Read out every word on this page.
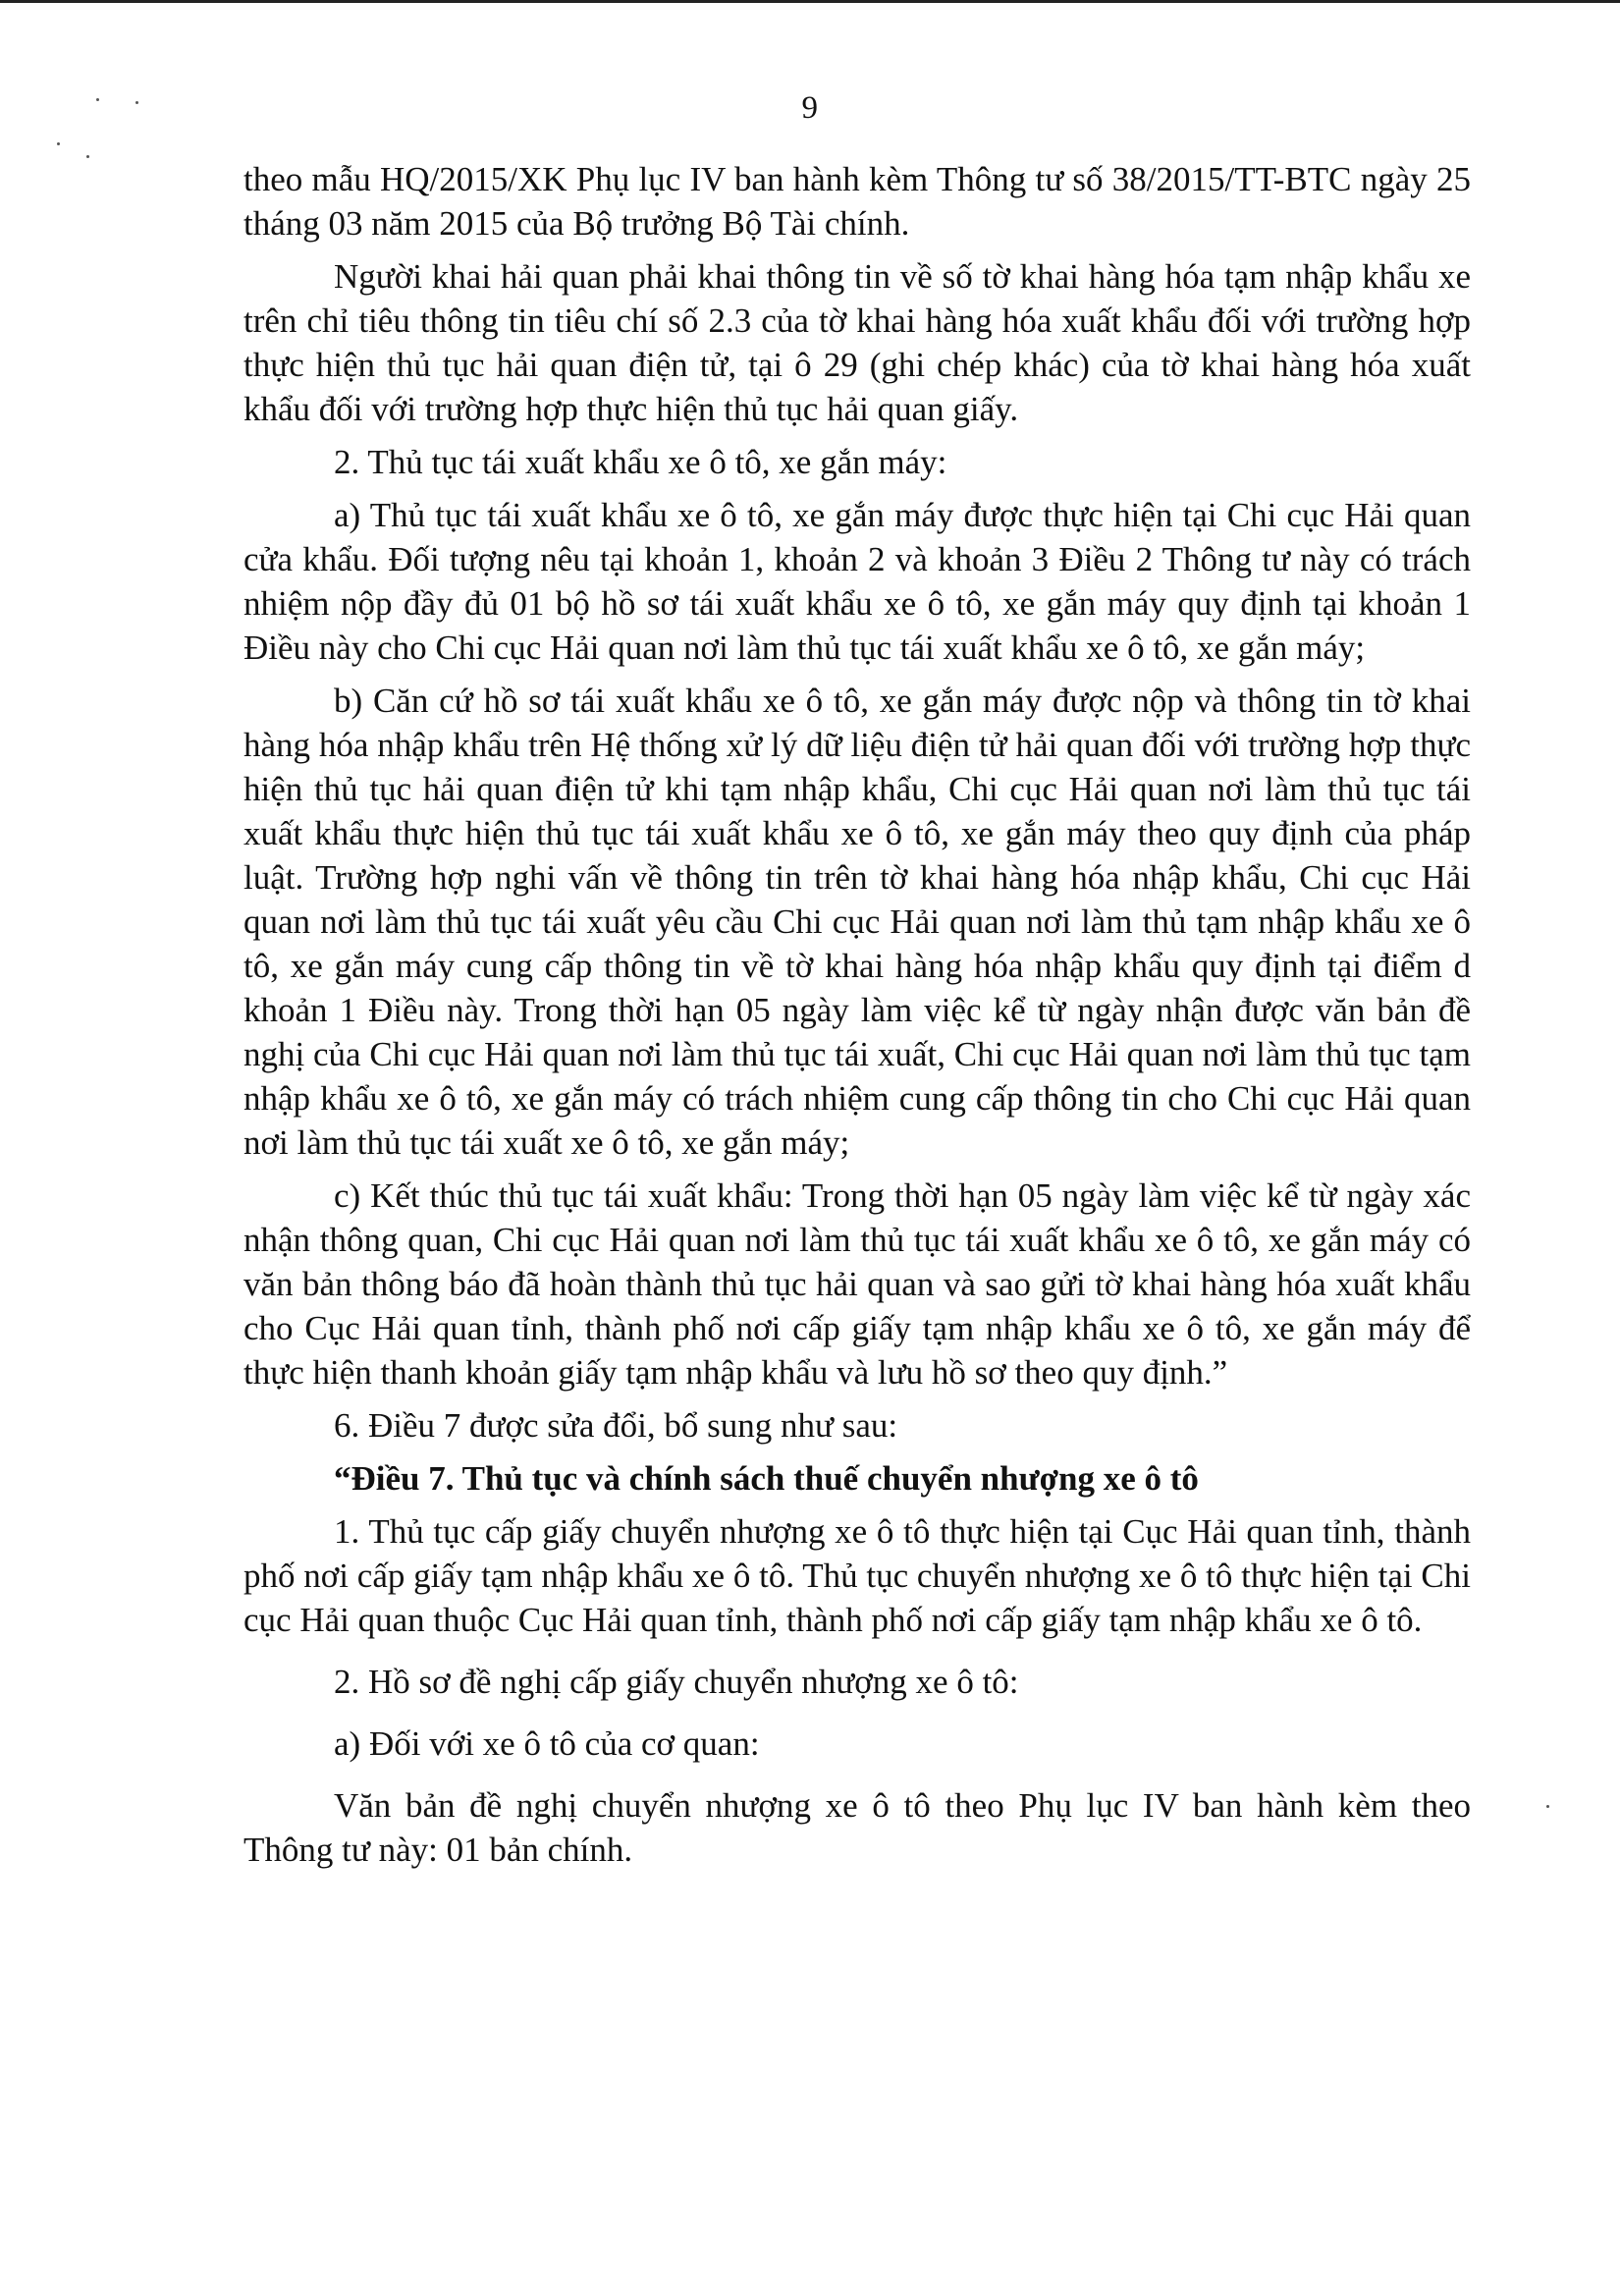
9

theo mẫu HQ/2015/XK Phụ lục IV ban hành kèm Thông tư số 38/2015/TT-BTC ngày 25 tháng 03 năm 2015 của Bộ trưởng Bộ Tài chính.

Người khai hải quan phải khai thông tin về số tờ khai hàng hóa tạm nhập khẩu xe trên chỉ tiêu thông tin tiêu chí số 2.3 của tờ khai hàng hóa xuất khẩu đối với trường hợp thực hiện thủ tục hải quan điện tử, tại ô 29 (ghi chép khác) của tờ khai hàng hóa xuất khẩu đối với trường hợp thực hiện thủ tục hải quan giấy.

2. Thủ tục tái xuất khẩu xe ô tô, xe gắn máy:

a) Thủ tục tái xuất khẩu xe ô tô, xe gắn máy được thực hiện tại Chi cục Hải quan cửa khẩu. Đối tượng nêu tại khoản 1, khoản 2 và khoản 3 Điều 2 Thông tư này có trách nhiệm nộp đầy đủ 01 bộ hồ sơ tái xuất khẩu xe ô tô, xe gắn máy quy định tại khoản 1 Điều này cho Chi cục Hải quan nơi làm thủ tục tái xuất khẩu xe ô tô, xe gắn máy;

b) Căn cứ hồ sơ tái xuất khẩu xe ô tô, xe gắn máy được nộp và thông tin tờ khai hàng hóa nhập khẩu trên Hệ thống xử lý dữ liệu điện tử hải quan đối với trường hợp thực hiện thủ tục hải quan điện tử khi tạm nhập khẩu, Chi cục Hải quan nơi làm thủ tục tái xuất khẩu thực hiện thủ tục tái xuất khẩu xe ô tô, xe gắn máy theo quy định của pháp luật. Trường hợp nghi vấn về thông tin trên tờ khai hàng hóa nhập khẩu, Chi cục Hải quan nơi làm thủ tục tái xuất yêu cầu Chi cục Hải quan nơi làm thủ tạm nhập khẩu xe ô tô, xe gắn máy cung cấp thông tin về tờ khai hàng hóa nhập khẩu quy định tại điểm d khoản 1 Điều này. Trong thời hạn 05 ngày làm việc kể từ ngày nhận được văn bản đề nghị của Chi cục Hải quan nơi làm thủ tục tái xuất, Chi cục Hải quan nơi làm thủ tục tạm nhập khẩu xe ô tô, xe gắn máy có trách nhiệm cung cấp thông tin cho Chi cục Hải quan nơi làm thủ tục tái xuất xe ô tô, xe gắn máy;

c) Kết thúc thủ tục tái xuất khẩu: Trong thời hạn 05 ngày làm việc kể từ ngày xác nhận thông quan, Chi cục Hải quan nơi làm thủ tục tái xuất khẩu xe ô tô, xe gắn máy có văn bản thông báo đã hoàn thành thủ tục hải quan và sao gửi tờ khai hàng hóa xuất khẩu cho Cục Hải quan tỉnh, thành phố nơi cấp giấy tạm nhập khẩu xe ô tô, xe gắn máy để thực hiện thanh khoản giấy tạm nhập khẩu và lưu hồ sơ theo quy định.”

6. Điều 7 được sửa đổi, bổ sung như sau:

“Điều 7. Thủ tục và chính sách thuế chuyển nhượng xe ô tô

1. Thủ tục cấp giấy chuyển nhượng xe ô tô thực hiện tại Cục Hải quan tỉnh, thành phố nơi cấp giấy tạm nhập khẩu xe ô tô. Thủ tục chuyển nhượng xe ô tô thực hiện tại Chi cục Hải quan thuộc Cục Hải quan tỉnh, thành phố nơi cấp giấy tạm nhập khẩu xe ô tô.

2. Hồ sơ đề nghị cấp giấy chuyển nhượng xe ô tô:

a) Đối với xe ô tô của cơ quan:

Văn bản đề nghị chuyển nhượng xe ô tô theo Phụ lục IV ban hành kèm theo Thông tư này: 01 bản chính.
